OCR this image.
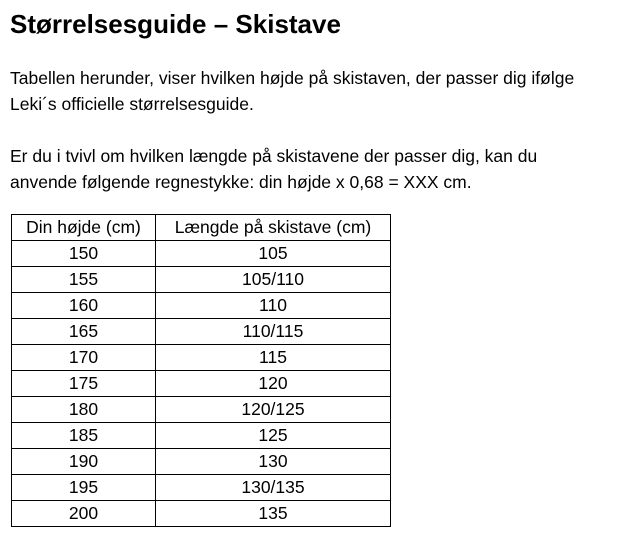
Størrelsesguide – Skistave
Tabellen herunder, viser hvilken højde på skistaven, der passer dig ifølge
Leki´s officielle størrelsesguide.
Er du i tvivl om hvilken længde på skistavene der passer dig, kan du
anvende følgende regnestykke: din højde x 0,68 = XXX cm.
Din højde (cm)	Længde på skistave (cm)
150	105
155	105/110
160	110
165	110/115
170	115
175	120
180	120/125
185	125
190	130
195	130/135
200	135
